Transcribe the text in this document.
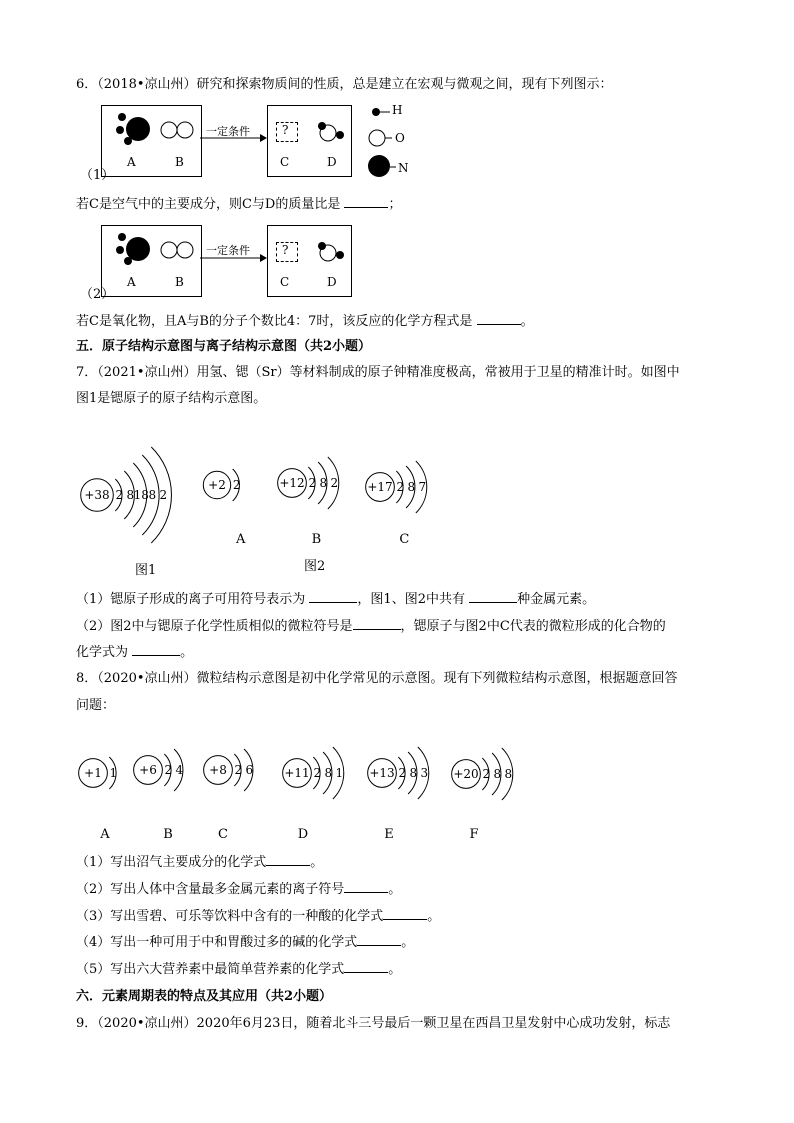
6．（2018•凉山州）研究和探索物质间的性质，总是建立在宏观与微观之间，现有下列图示：
A	B
一定条件	?
C	D
H
O
N
（1）
若C是空气中的主要成分，则C与D的质量比是	；
A	B
一定条件	?
C	D
（2）
若C是氧化物，且A与B的分子个数比4：7时，该反应的化学方程式是	。
五．原子结构示意图与离子结构示意图（共2小题）
7．（2021•凉山州）用氢、锶（Sr）等材料制成的原子钟精准度极高，常被用于卫星的精准计时。如图中
图1是锶原子的原子结构示意图。
+38 2 8 18 8 2
+2 2
A
+12 2 8 2
B
+17 2 8 7
C
图1	图2
（1）锶原子形成的离子可用符号表示为	，图1、图2中共有	种金属元素。
（2）图2中与锶原子化学性质相似的微粒符号是	，锶原子与图2中C代表的微粒形成的化合物的
化学式为	。
8．（2020•凉山州）微粒结构示意图是初中化学常见的示意图。现有下列微粒结构示意图，根据题意回答
问题：
+1 1
A
+6 2 4
B
+8 2 6
C
+11 2 8 1
D
+13 2 8 3
E
+20 2 8 8
F
（1）写出沼气主要成分的化学式	。
（2）写出人体中含量最多金属元素的离子符号	。
（3）写出雪碧、可乐等饮料中含有的一种酸的化学式	。
（4）写出一种可用于中和胃酸过多的碱的化学式	。
（5）写出六大营养素中最简单营养素的化学式	。
六．元素周期表的特点及其应用（共2小题）
9．（2020•凉山州）2020年6月23日，随着北斗三号最后一颗卫星在西昌卫星发射中心成功发射，标志
